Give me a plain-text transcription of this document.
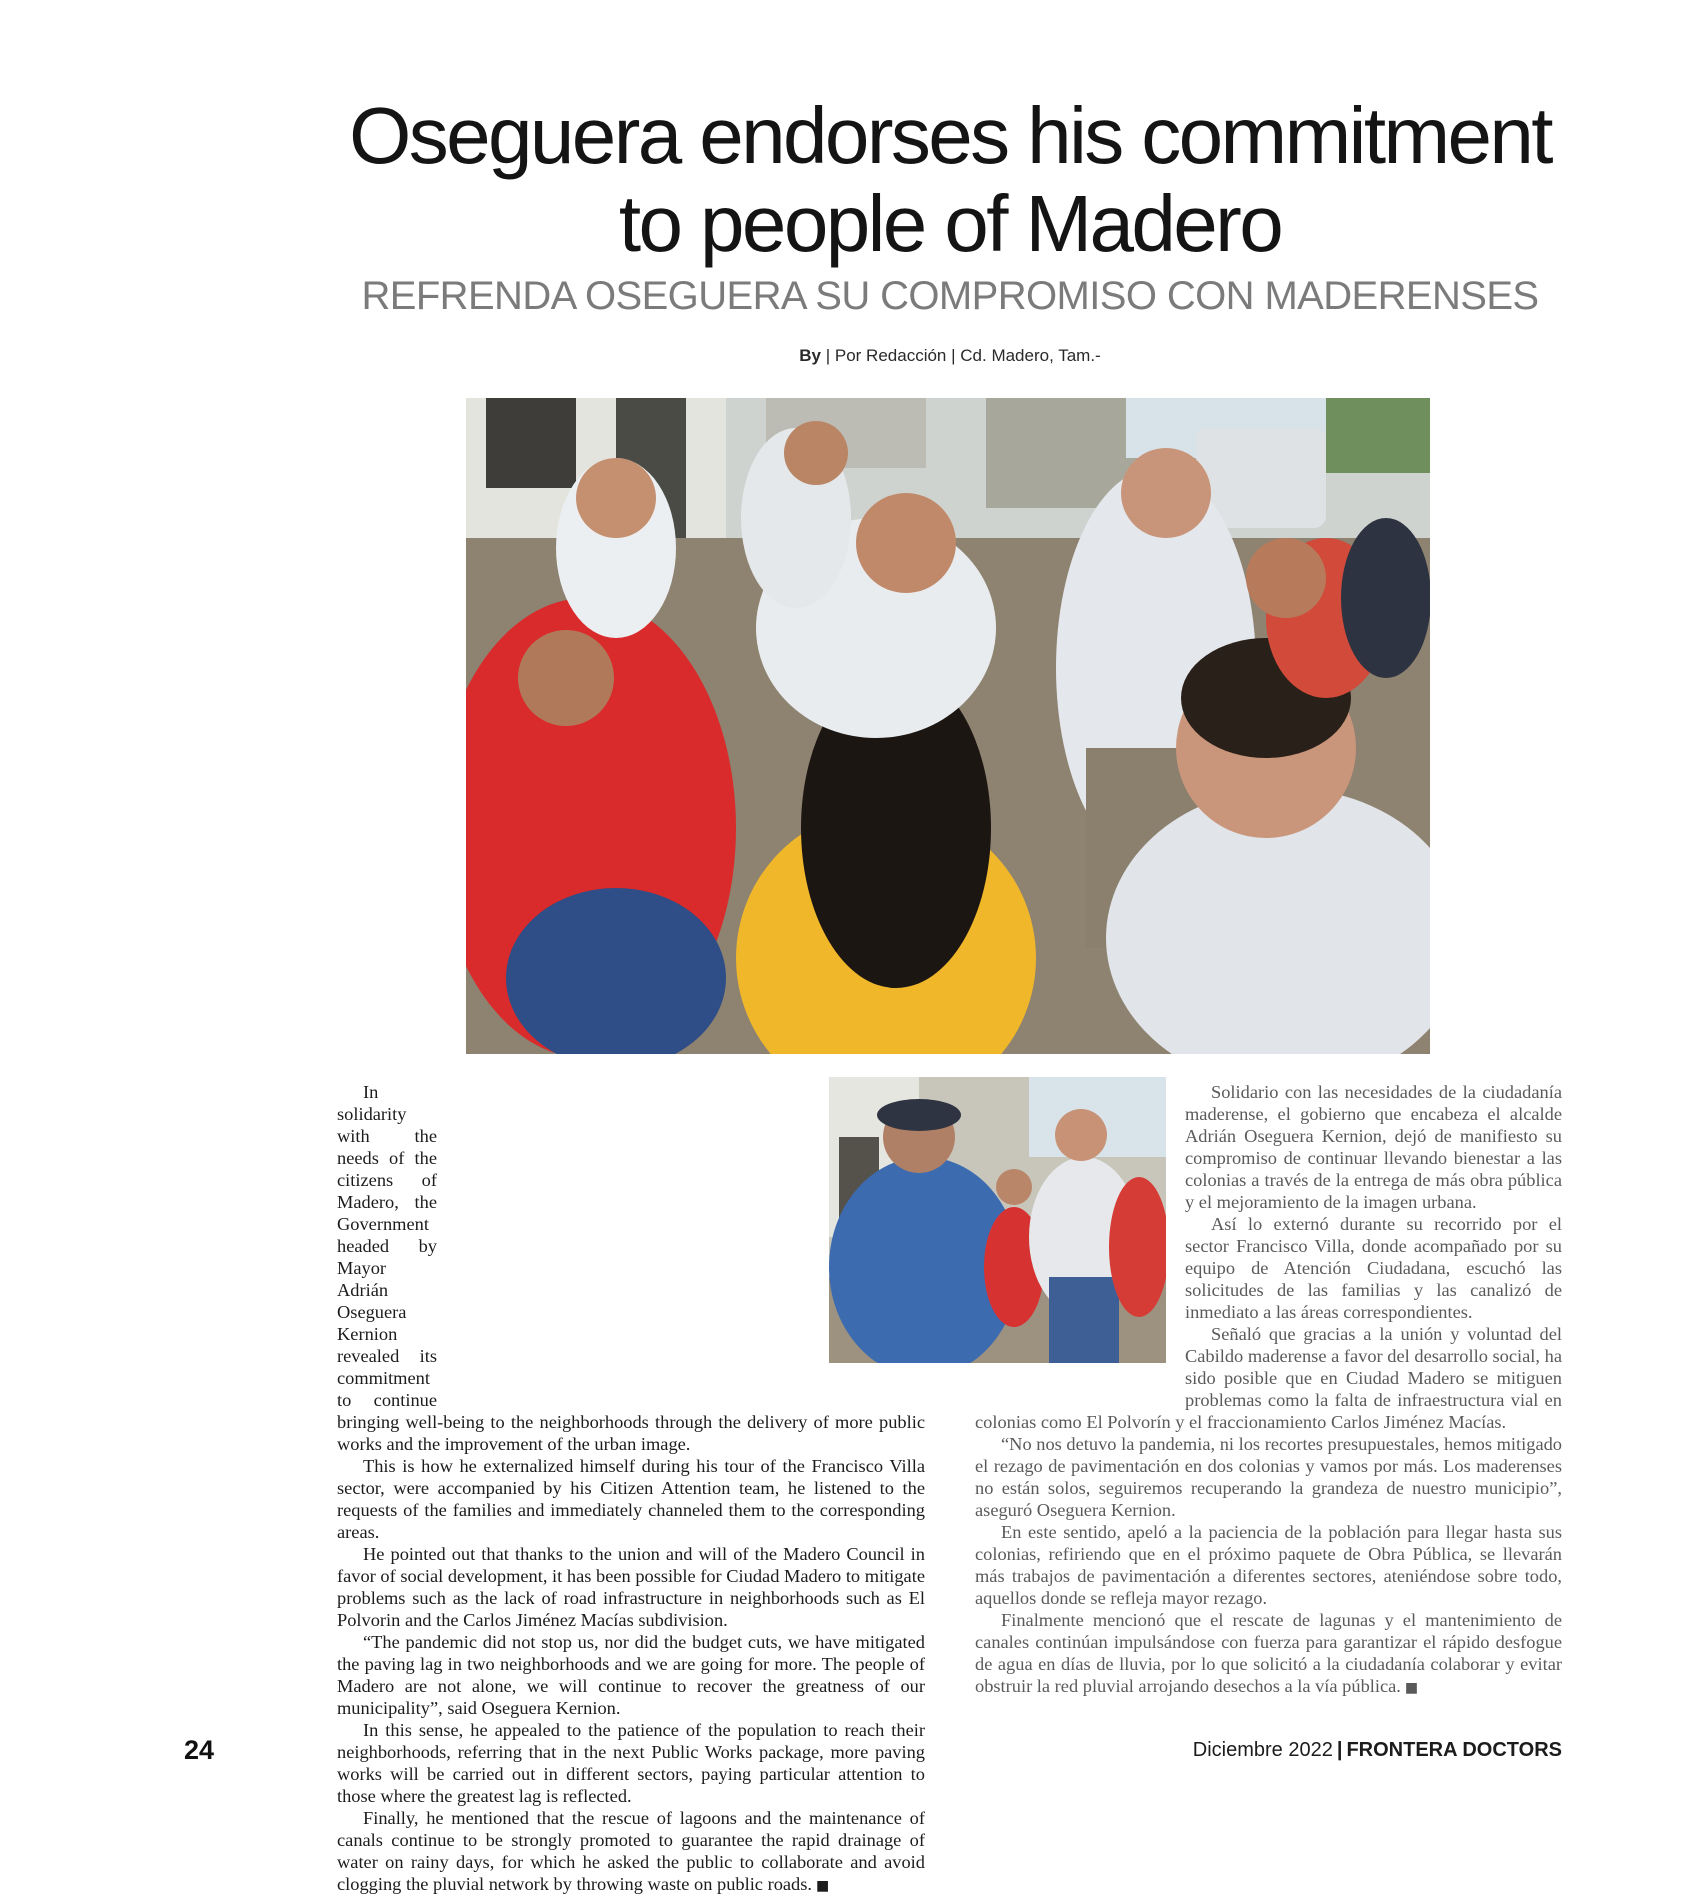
Oseguera endorses his commitment
to people of Madero
REFRENDA OSEGUERA SU COMPROMISO CON MADERENSES
By | Por Redacción | Cd. Madero, Tam.-

In solidarity with the needs of the citizens of Madero, the Government headed by Mayor Adrián Oseguera Kernion revealed its commitment to continue bringing well-being to the neighborhoods through the delivery of more public works and the improvement of the urban image.

This is how he externalized himself during his tour of the Francisco Villa sector, were accompanied by his Citizen Attention team, he listened to the requests of the families and immediately channeled them to the corresponding areas.

He pointed out that thanks to the union and will of the Madero Council in favor of social development, it has been possible for Ciudad Madero to mitigate problems such as the lack of road infrastructure in neighborhoods such as El Polvorin and the Carlos Jiménez Macías subdivision.

“The pandemic did not stop us, nor did the budget cuts, we have mitigated the paving lag in two neighborhoods and we are going for more. The people of Madero are not alone, we will continue to recover the greatness of our municipality”, said Oseguera Kernion.

In this sense, he appealed to the patience of the population to reach their neighborhoods, referring that in the next Public Works package, more paving works will be carried out in different sectors, paying particular attention to those where the greatest lag is reflected.

Finally, he mentioned that the rescue of lagoons and the maintenance of canals continue to be strongly promoted to guarantee the rapid drainage of water on rainy days, for which he asked the public to collaborate and avoid clogging the pluvial network by throwing waste on public roads. ■

Solidario con las necesidades de la ciudadanía maderense, el gobierno que encabeza el alcalde Adrián Oseguera Kernion, dejó de manifiesto su compromiso de continuar llevando bienestar a las colonias a través de la entrega de más obra pública y el mejoramiento de la imagen urbana.

Así lo externó durante su recorrido por el sector Francisco Villa, donde acompañado por su equipo de Atención Ciudadana, escuchó las solicitudes de las familias y las canalizó de inmediato a las áreas correspondientes.

Señaló que gracias a la unión y voluntad del Cabildo maderense a favor del desarrollo social, ha sido posible que en Ciudad Madero se mitiguen problemas como la falta de infraestructura vial en colonias como El Polvorín y el fraccionamiento Carlos Jiménez Macías.

“No nos detuvo la pandemia, ni los recortes presupuestales, hemos mitigado el rezago de pavimentación en dos colonias y vamos por más. Los maderenses no están solos, seguiremos recuperando la grandeza de nuestro municipio”, aseguró Oseguera Kernion.

En este sentido, apeló a la paciencia de la población para llegar hasta sus colonias, refiriendo que en el próximo paquete de Obra Pública, se llevarán más trabajos de pavimentación a diferentes sectores, ateniéndose sobre todo, aquellos donde se refleja mayor rezago.

Finalmente mencionó que el rescate de lagunas y el mantenimiento de canales continúan impulsándose con fuerza para garantizar el rápido desfogue de agua en días de lluvia, por lo que solicitó a la ciudadanía colaborar y evitar obstruir la red pluvial arrojando desechos a la vía pública. ■

24	Diciembre 2022 | FRONTERA DOCTORS
